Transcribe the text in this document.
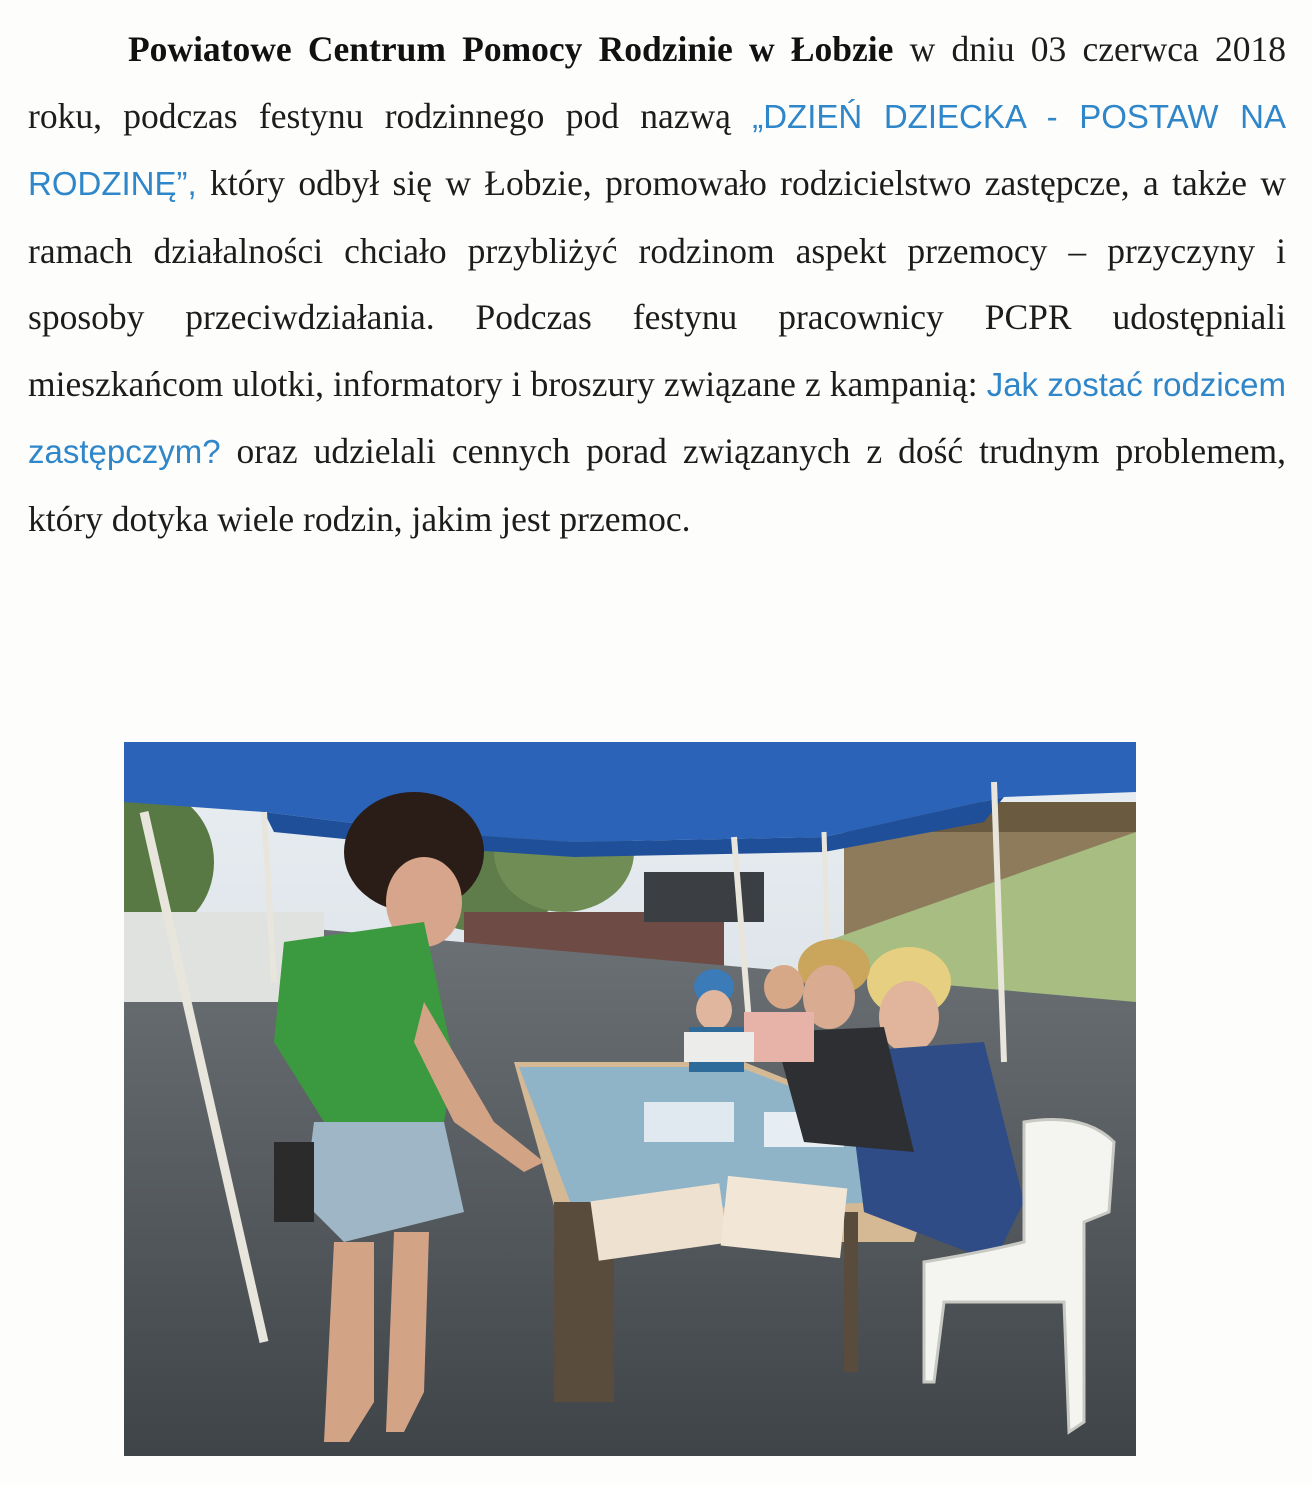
Powiatowe Centrum Pomocy Rodzinie w Łobzie w dniu 03 czerwca 2018 roku, podczas festynu rodzinnego pod nazwą „DZIEŃ DZIECKA - POSTAW NA RODZINĘ”, który odbył się w Łobzie, promowało rodzicielstwo zastępcze, a także w ramach działalności chciało przybliżyć rodzinom aspekt przemocy – przyczyny i sposoby przeciwdziałania. Podczas festynu pracownicy PCPR udostępniali mieszkańcom ulotki, informatory i broszury związane z kampanią: Jak zostać rodzicem zastępczym? oraz udzielali cennych porad związanych z dość trudnym problemem, który dotyka wiele rodzin, jakim jest przemoc.
